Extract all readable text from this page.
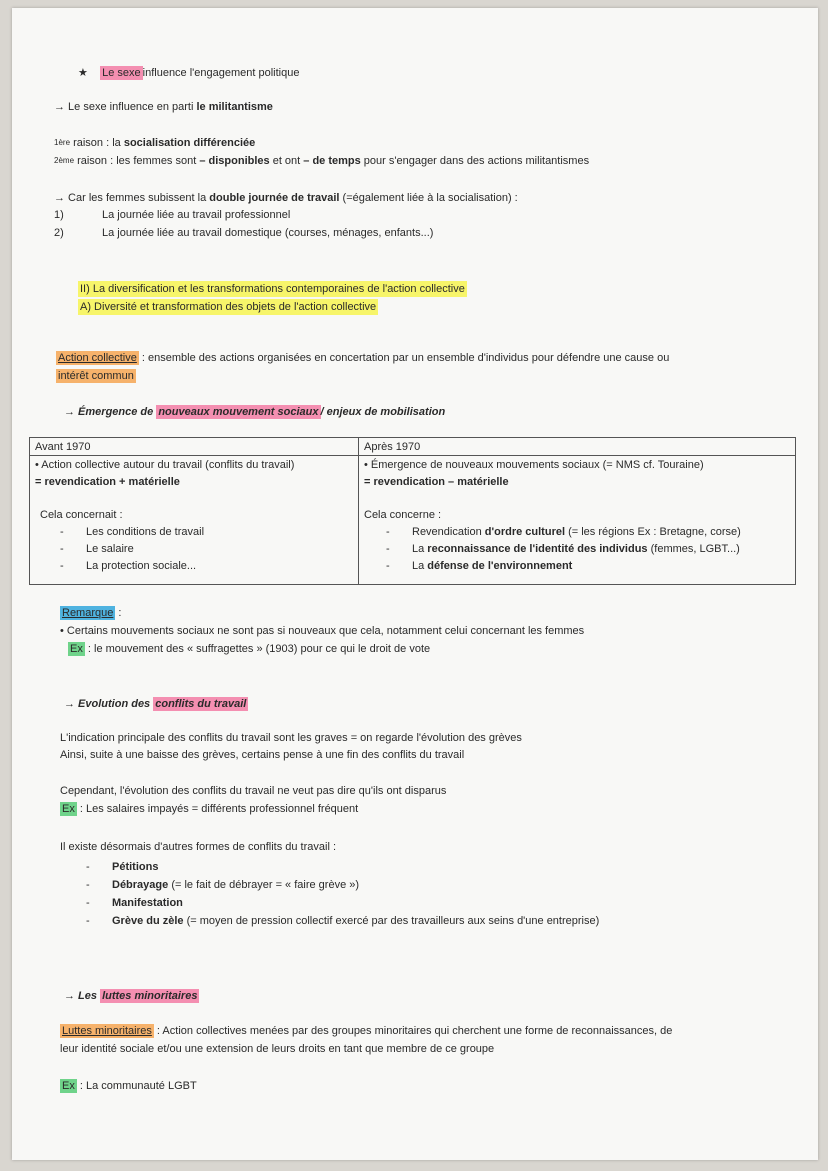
★ Le sexe influence l'engagement politique
→ Le sexe influence en parti le militantisme
$^{1ère}$ raison : la socialisation différenciée
$^{2ème}$ raison : les femmes sont – disponibles et ont – de temps pour s'engager dans des actions militantismes
→ Car les femmes subissent la double journée de travail (=également liée à la socialisation) :
1)	La journée liée au travail professionnel
2)	La journée liée au travail domestique (courses, ménages, enfants...)
II) La diversification et les transformations contemporaines de l'action collective
A) Diversité et transformation des objets de l'action collective
Action collective : ensemble des actions organisées en concertation par un ensemble d'individus pour défendre une cause ou
intérêt commun
→ Émergence de nouveaux mouvement sociaux / enjeux de mobilisation
Avant 1970	Après 1970
• Action collective autour du travail (conflits du travail)
= revendication + matérielle
Cela concernait :
- Les conditions de travail
- Le salaire
- La protection sociale...
• Émergence de nouveaux mouvements sociaux (= NMS cf. Touraine)
= revendication – matérielle
Cela concerne :
- Revendication d'ordre culturel (= les régions Ex : Bretagne, corse)
- La reconnaissance de l'identité des individus (femmes, LGBT...)
- La défense de l'environnement
Remarque :
• Certains mouvements sociaux ne sont pas si nouveaux que cela, notamment celui concernant les femmes
Ex : le mouvement des « suffragettes » (1903) pour ce qui le droit de vote
→ Evolution des conflits du travail
L'indication principale des conflits du travail sont les graves = on regarde l'évolution des grèves
Ainsi, suite à une baisse des grèves, certains pense à une fin des conflits du travail
Cependant, l'évolution des conflits du travail ne veut pas dire qu'ils ont disparus
Ex : Les salaires impayés = différents professionnel fréquent
Il existe désormais d'autres formes de conflits du travail :
- Pétitions
- Débrayage (= le fait de débrayer = « faire grève »)
- Manifestation
- Grève du zèle (= moyen de pression collectif exercé par des travailleurs aux seins d'une entreprise)
→ Les luttes minoritaires
Luttes minoritaires : Action collectives menées par des groupes minoritaires qui cherchent une forme de reconnaissances, de
leur identité sociale et/ou une extension de leurs droits en tant que membre de ce groupe
Ex : La communauté LGBT
